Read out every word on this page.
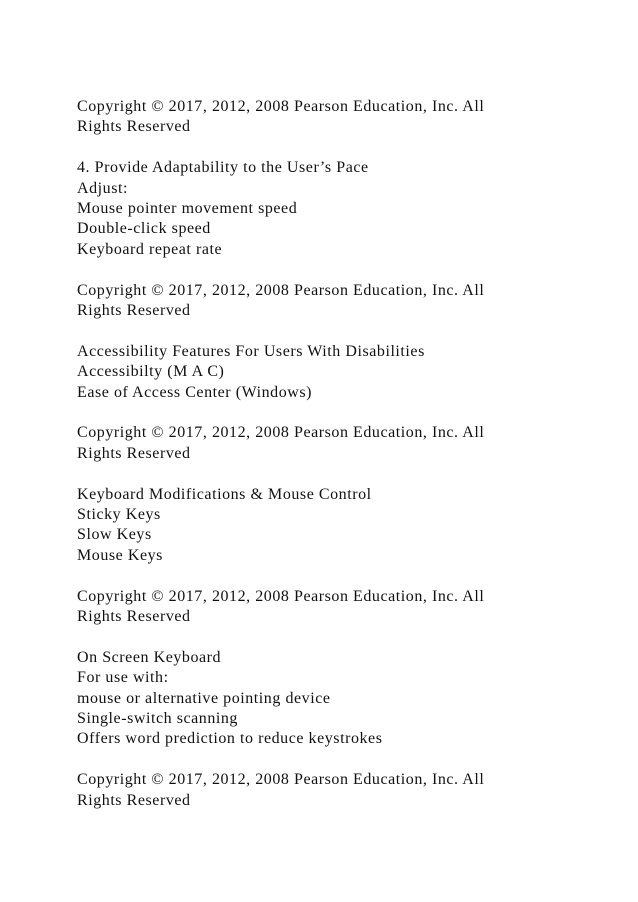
Copyright © 2017, 2012, 2008 Pearson Education, Inc. All
Rights Reserved
4. Provide Adaptability to the User’s Pace
Adjust:
Mouse pointer movement speed
Double-click speed
Keyboard repeat rate
Copyright © 2017, 2012, 2008 Pearson Education, Inc. All
Rights Reserved
Accessibility Features For Users With Disabilities
Accessibilty (M A C)
Ease of Access Center (Windows)
Copyright © 2017, 2012, 2008 Pearson Education, Inc. All
Rights Reserved
Keyboard Modifications & Mouse Control
Sticky Keys
Slow Keys
Mouse Keys
Copyright © 2017, 2012, 2008 Pearson Education, Inc. All
Rights Reserved
On Screen Keyboard
For use with:
mouse or alternative pointing device
Single-switch scanning
Offers word prediction to reduce keystrokes
Copyright © 2017, 2012, 2008 Pearson Education, Inc. All
Rights Reserved
